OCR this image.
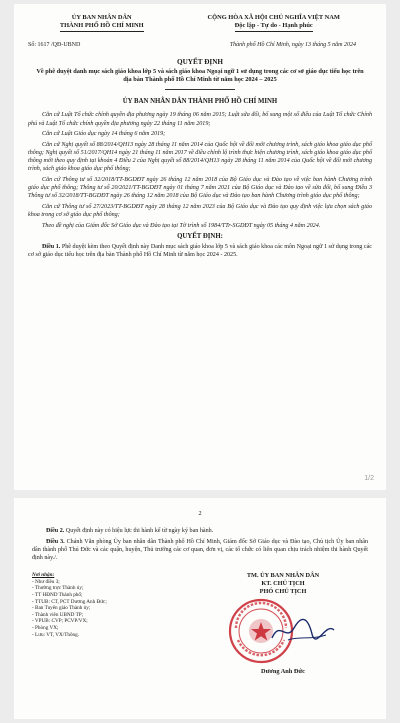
ỦY BAN NHÂN DÂN
THÀNH PHỐ HỒ CHÍ MINH
CỘNG HÒA XÃ HỘI CHỦ NGHĨA VIỆT NAM
Độc lập - Tự do - Hạnh phúc
Số: 1617 /QĐ-UBND	Thành phố Hồ Chí Minh, ngày 13 tháng 5 năm 2024
QUYẾT ĐỊNH
Về phê duyệt danh mục sách giáo khoa lớp 5 và sách giáo khoa Ngoại ngữ 1 sử dụng trong các cơ sở giáo dục tiểu học trên địa bàn Thành phố Hồ Chí Minh từ năm học 2024 – 2025
ỦY BAN NHÂN DÂN THÀNH PHỐ HỒ CHÍ MINH

Căn cứ Luật Tổ chức chính quyền địa phương ngày 19 tháng 06 năm 2015; Luật sửa đổi, bổ sung một số điều của Luật Tổ chức Chính phủ và Luật Tổ chức chính quyền địa phương ngày 22 tháng 11 năm 2019;

Căn cứ Luật Giáo dục ngày 14 tháng 6 năm 2019;

Căn cứ Nghị quyết số 88/2014/QH13 ngày 28 tháng 11 năm 2014 của Quốc hội về đổi mới chương trình, sách giáo khoa giáo dục phổ thông; Nghị quyết số 51/2017/QH14 ngày 21 tháng 11 năm 2017 về điều chỉnh lộ trình thực hiện chương trình, sách giáo khoa giáo dục phổ thông mới theo quy định tại khoản 4 Điều 2 của Nghị quyết số 88/2014/QH13 ngày 28 tháng 11 năm 2014 của Quốc hội về đổi mới chương trình, sách giáo khoa giáo dục phổ thông;

Căn cứ Thông tư số 32/2018/TT-BGDĐT ngày 26 tháng 12 năm 2018 của Bộ Giáo dục và Đào tạo về việc ban hành Chương trình giáo dục phổ thông; Thông tư số 20/2021/TT-BGDĐT ngày 01 tháng 7 năm 2021 của Bộ Giáo dục và Đào tạo về sửa đổi, bổ sung Điều 3 Thông tư số 32/2018/TT-BGDĐT ngày 26 tháng 12 năm 2018 của Bộ Giáo dục và Đào tạo ban hành Chương trình giáo dục phổ thông;

Căn cứ Thông tư số 27/2023/TT-BGDĐT ngày 28 tháng 12 năm 2023 của Bộ Giáo dục và Đào tạo quy định việc lựa chọn sách giáo khoa trong cơ sở giáo dục phổ thông;

Theo đề nghị của Giám đốc Sở Giáo dục và Đào tạo tại Tờ trình số 1984/TTr-SGDĐT ngày 05 tháng 4 năm 2024.

QUYẾT ĐỊNH:

Điều 1. Phê duyệt kèm theo Quyết định này Danh mục sách giáo khoa lớp 5 và sách giáo khoa các môn Ngoại ngữ 1 sử dụng trong các cơ sở giáo dục tiểu học trên địa bàn Thành phố Hồ Chí Minh từ năm học 2024 - 2025.

1/2
2

Điều 2. Quyết định này có hiệu lực thi hành kể từ ngày ký ban hành.

Điều 3. Chánh Văn phòng Ủy ban nhân dân Thành phố Hồ Chí Minh, Giám đốc Sở Giáo dục và Đào tạo, Chủ tịch Ủy ban nhân dân thành phố Thủ Đức và các quận, huyện, Thủ trưởng các cơ quan, đơn vị, các tổ chức có liên quan chịu trách nhiệm thi hành Quyết định này./.

Nơi nhận:
- Như điều 3;
- Thường trực Thành ủy;
- TT HĐND Thành phố;
- TTUB: CT, PCT Dương Anh Đức;
- Ban Tuyên giáo Thành ủy;
- Thành viên UBND TP;
- VPUB: CVP; PCVP/VX;
- Phòng VX;
- Lưu: VT, VX/Thông.
TM. ỦY BAN NHÂN DÂN
KT. CHỦ TỊCH
PHÓ CHỦ TỊCH
Dương Anh Đức
